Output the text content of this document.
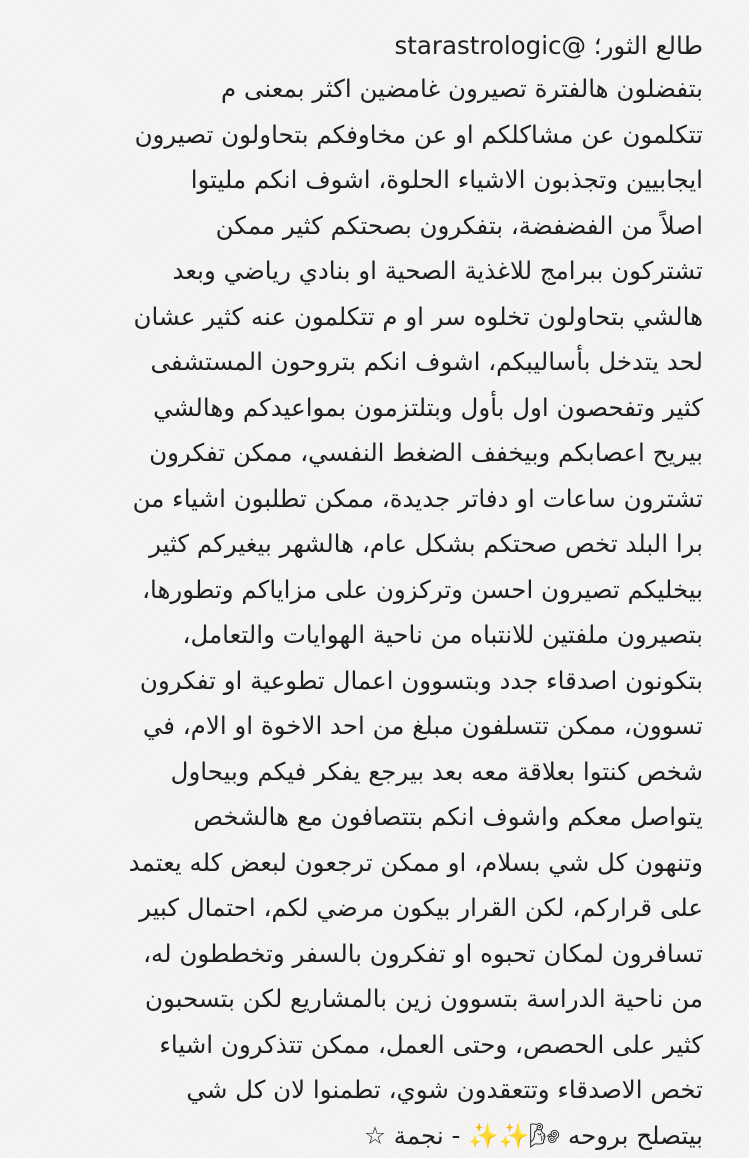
طالع الثور؛ @starastrologic
بتفضلون هالفترة تصيرون غامضين اكثر بمعنى م
تتكلمون عن مشاكلكم او عن مخاوفكم بتحاولون تصيرون
ايجابيين وتجذبون الاشياء الحلوة، اشوف انكم مليتوا
اصلاً من الفضفضة، بتفكرون بصحتكم كثير ممكن
تشتركون ببرامج للاغذية الصحية او بنادي رياضي وبعد
هالشي بتحاولون تخلوه سر او م تتكلمون عنه كثير عشان
لحد يتدخل بأساليبكم، اشوف انكم بتروحون المستشفى
كثير وتفحصون اول بأول وبتلتزمون بمواعيدكم وهالشي
بيريح اعصابكم وبيخفف الضغط النفسي، ممكن تفكرون
تشترون ساعات او دفاتر جديدة، ممكن تطلبون اشياء من
برا البلد تخص صحتكم بشكل عام، هالشهر بيغيركم كثير
بيخليكم تصيرون احسن وتركزون على مزاياكم وتطورها،
بتصيرون ملفتين للانتباه من ناحية الهوايات والتعامل،
بتكونون اصدقاء جدد وبتسوون اعمال تطوعية او تفكرون
تسوون، ممكن تتسلفون مبلغ من احد الاخوة او الام، في
شخص كنتوا بعلاقة معه بعد بيرجع يفكر فيكم وبيحاول
يتواصل معكم واشوف انكم بتتصافون مع هالشخص
وتنهون كل شي بسلام، او ممكن ترجعون لبعض كله يعتمد
على قراركم، لكن القرار بيكون مرضي لكم، احتمال كبير
تسافرون لمكان تحبوه او تفكرون بالسفر وتخططون له،
من ناحية الدراسة بتسوون زين بالمشاريع لكن بتسحبون
كثير على الحصص، وحتى العمل، ممكن تتذكرون اشياء
تخص الاصدقاء وتتعقدون شوي، تطمنوا لان كل شي
بيتصلح بروحه 🌬✨✨ - نجمة ☆
